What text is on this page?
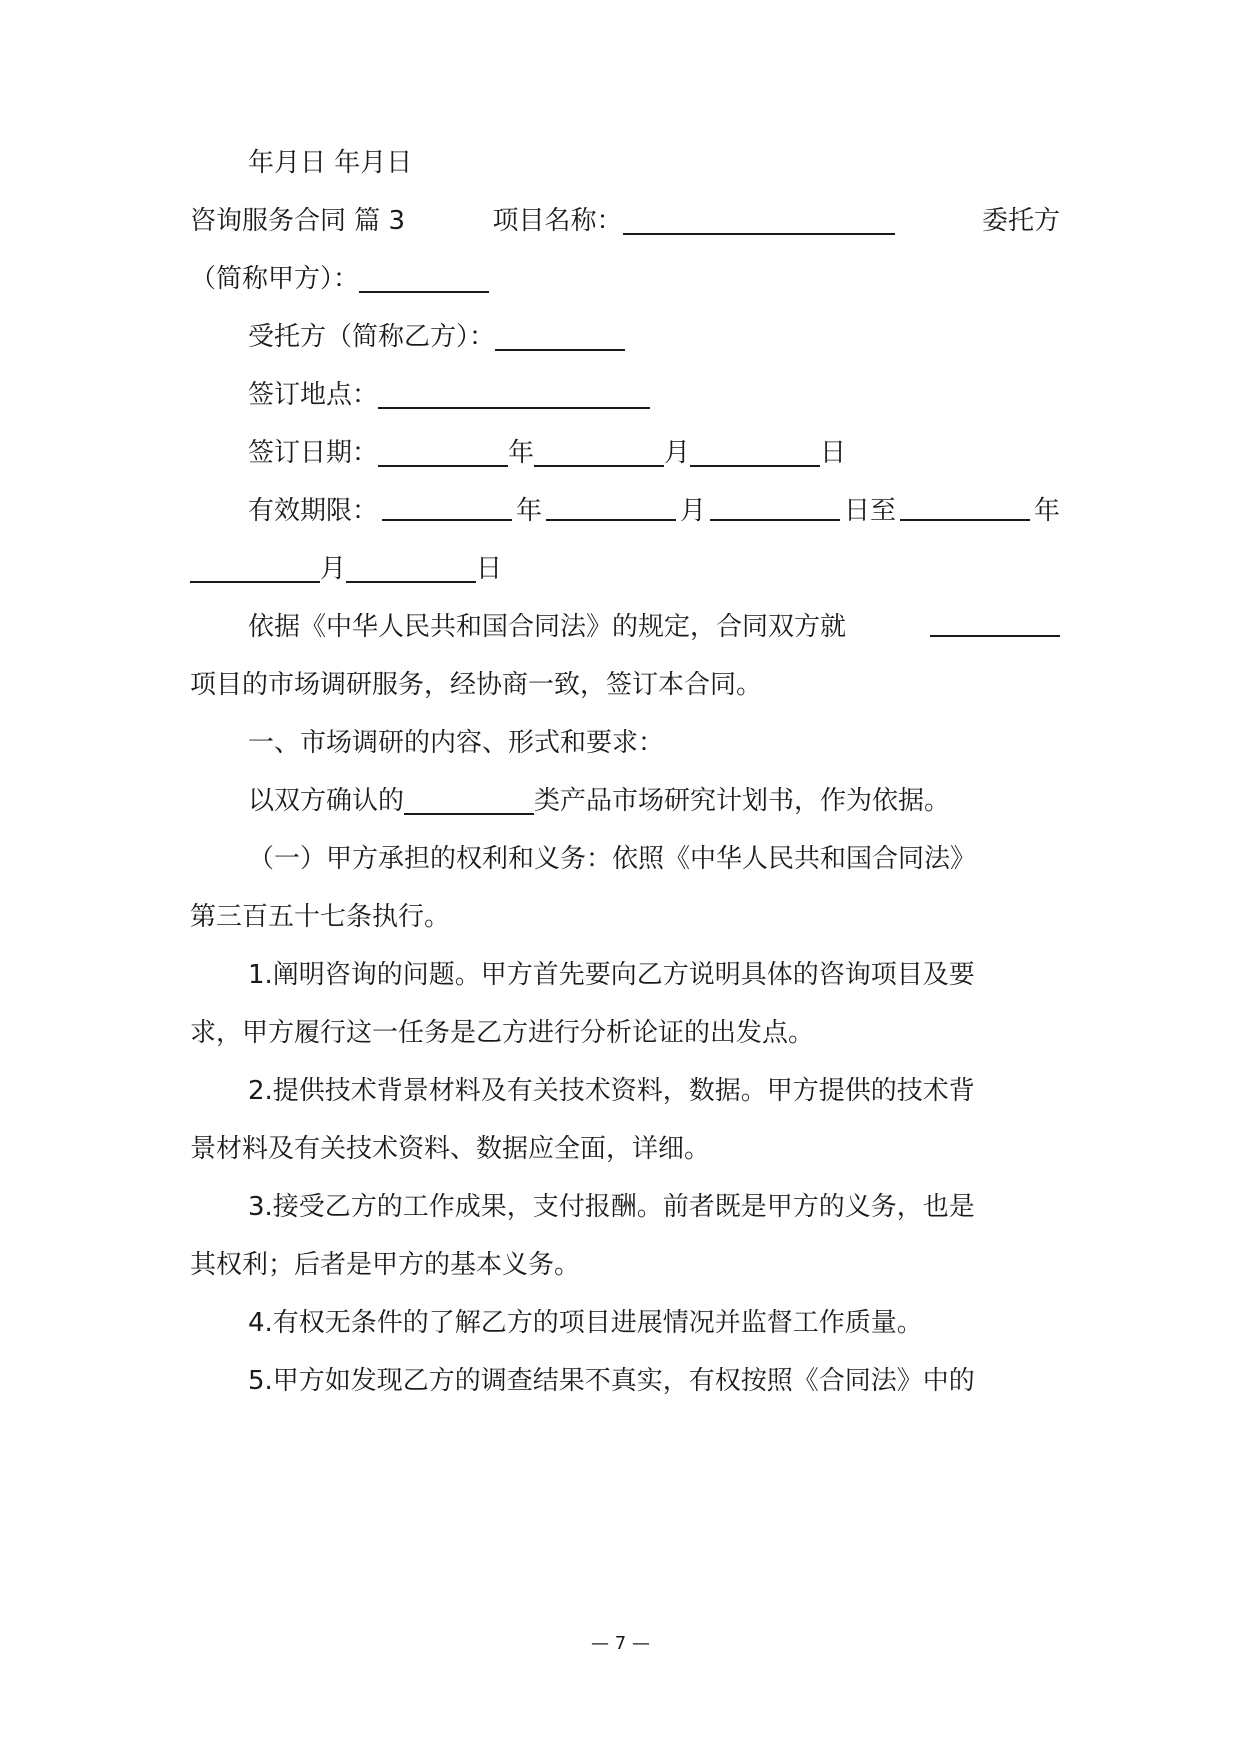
年月日 年月日
咨询服务合同 篇 3	项目名称：	委托方
（简称甲方）：
受托方（简称乙方）：
签订地点：
签订日期：	年	月	日
有效期限：	年	月	日至	年
月	日
依据《中华人民共和国合同法》的规定，合同双方就
项目的市场调研服务，经协商一致，签订本合同。
一、市场调研的内容、形式和要求：
以双方确认的	类产品市场研究计划书，作为依据。
（一）甲方承担的权利和义务：依照《中华人民共和国合同法》
第三百五十七条执行。
1.阐明咨询的问题。甲方首先要向乙方说明具体的咨询项目及要
求，甲方履行这一任务是乙方进行分析论证的出发点。
2.提供技术背景材料及有关技术资料，数据。甲方提供的技术背
景材料及有关技术资料、数据应全面，详细。
3.接受乙方的工作成果，支付报酬。前者既是甲方的义务，也是
其权利；后者是甲方的基本义务。
4.有权无条件的了解乙方的项目进展情况并监督工作质量。
5.甲方如发现乙方的调查结果不真实，有权按照《合同法》中的
— 7 —
